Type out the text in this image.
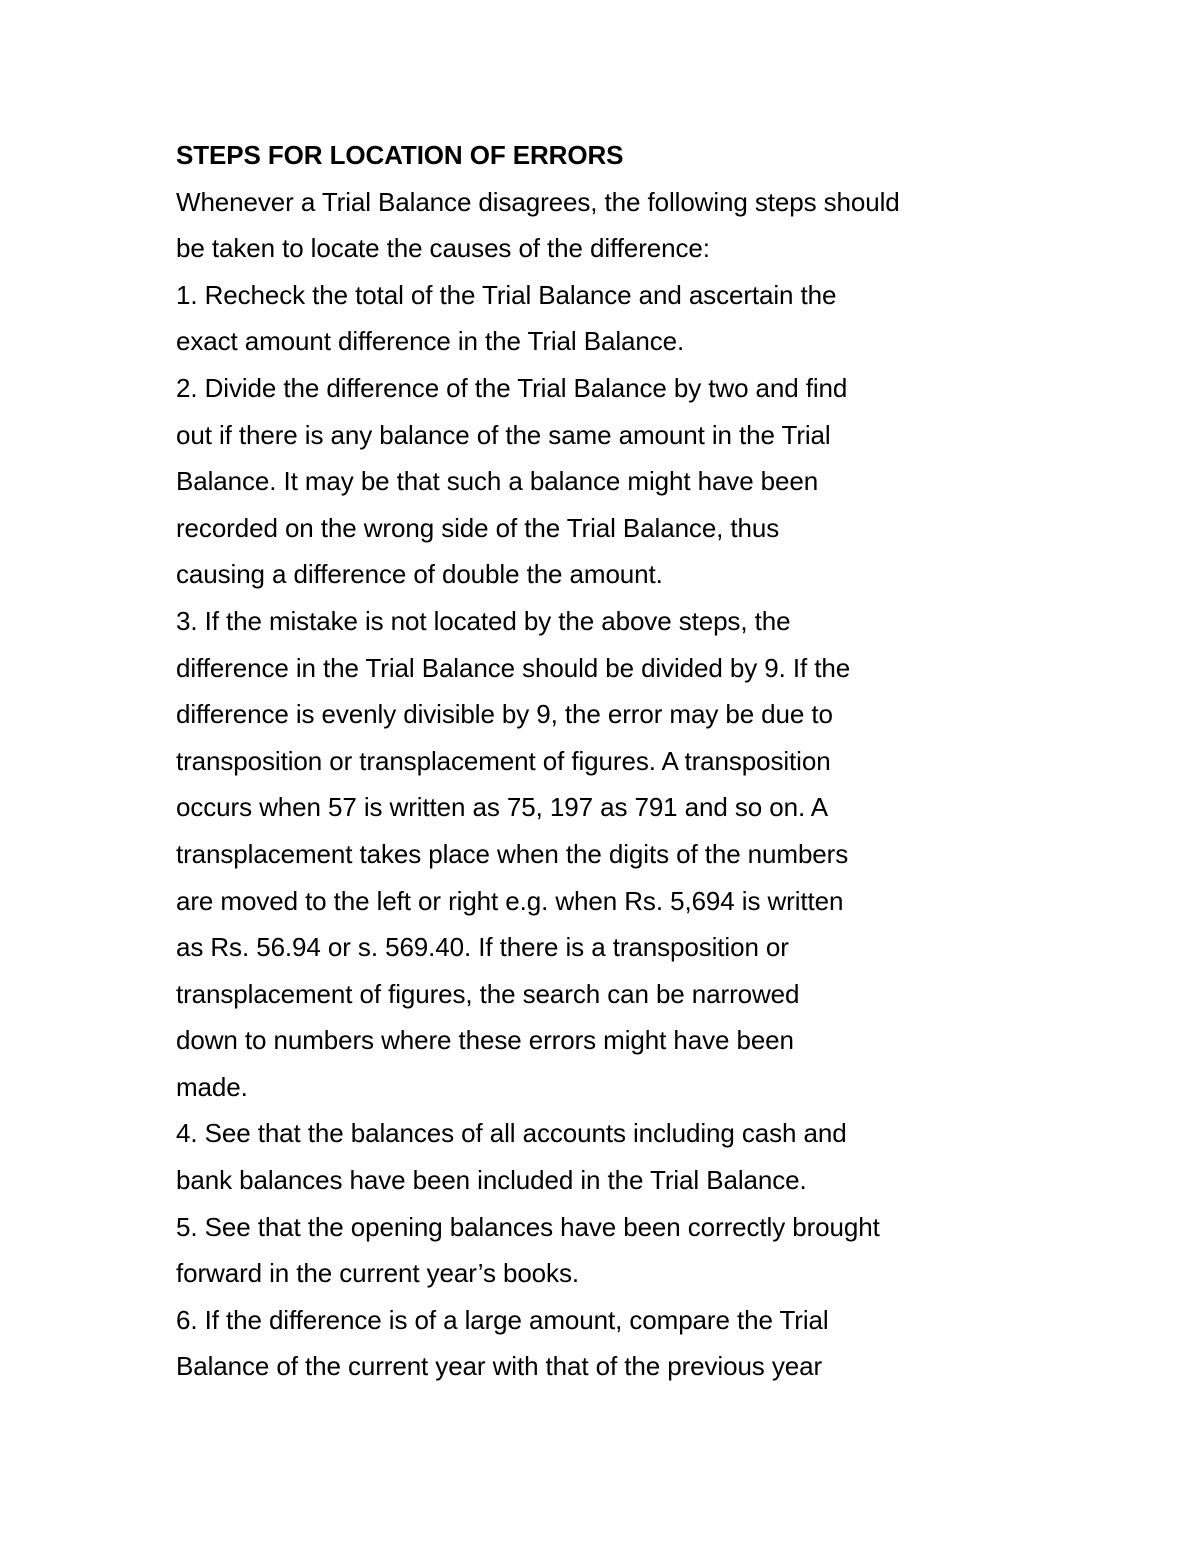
STEPS FOR LOCATION OF ERRORS
Whenever a Trial Balance disagrees, the following steps should
be taken to locate the causes of the difference:
1. Recheck the total of the Trial Balance and ascertain the
exact amount difference in the Trial Balance.
2. Divide the difference of the Trial Balance by two and find
out if there is any balance of the same amount in the Trial
Balance. It may be that such a balance might have been
recorded on the wrong side of the Trial Balance, thus
causing a difference of double the amount.
3. If the mistake is not located by the above steps, the
difference in the Trial Balance should be divided by 9. If the
difference is evenly divisible by 9, the error may be due to
transposition or transplacement of figures. A transposition
occurs when 57 is written as 75, 197 as 791 and so on. A
transplacement takes place when the digits of the numbers
are moved to the left or right e.g. when Rs. 5,694 is written
as Rs. 56.94 or s. 569.40. If there is a transposition or
transplacement of figures, the search can be narrowed
down to numbers where these errors might have been
made.
4. See that the balances of all accounts including cash and
bank balances have been included in the Trial Balance.
5. See that the opening balances have been correctly brought
forward in the current year’s books.
6. If the difference is of a large amount, compare the Trial
Balance of the current year with that of the previous year
